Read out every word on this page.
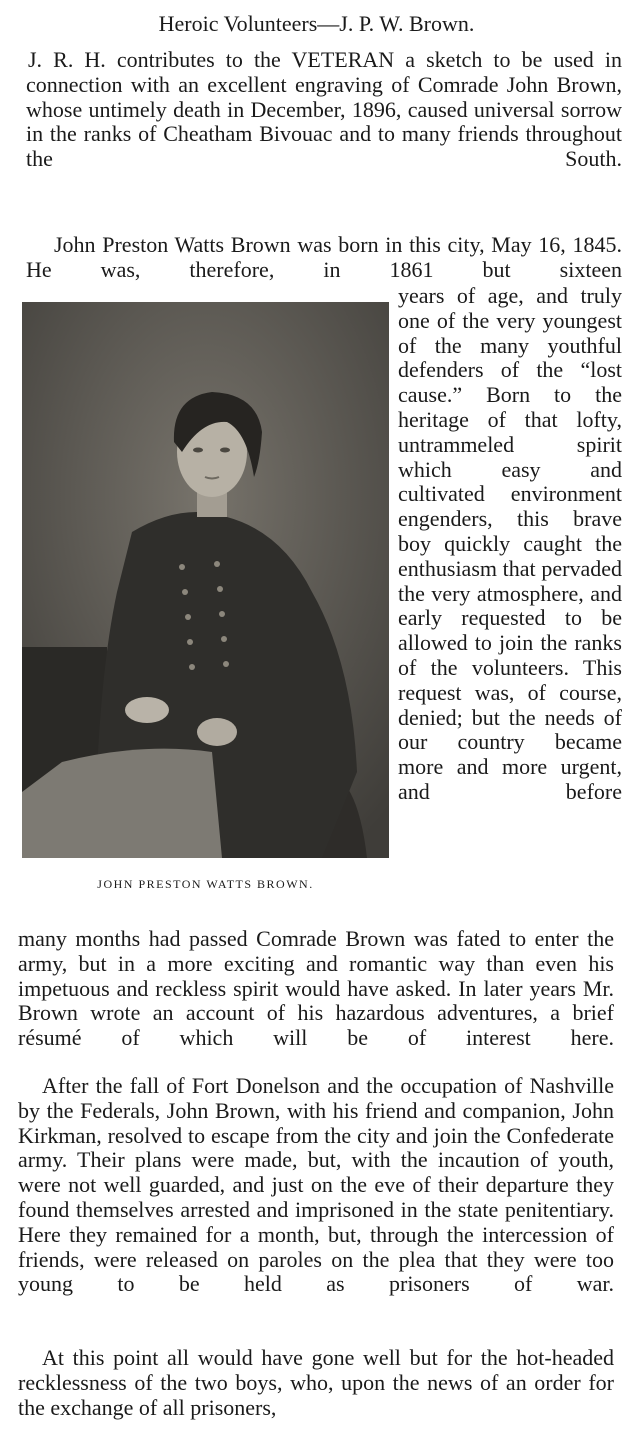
Heroic Volunteers—J. P. W. Brown.

J. R. H. contributes to the VETERAN a sketch to be used in connection with an excellent engraving of Comrade John Brown, whose untimely death in December, 1896, caused universal sorrow in the ranks of Cheatham Bivouac and to many friends throughout the South.

John Preston Watts Brown was born in this city, May 16, 1845. He was, therefore, in 1861 but sixteen

years of age, and truly one of the very youngest of the many youthful defenders of the “lost cause.” Born to the heritage of that lofty, untrammeled spirit which easy and cultivated environment engenders, this brave boy quickly caught the enthusiasm that pervaded the very atmosphere, and early requested to be allowed to join the ranks of the volunteers. This request was, of course, denied; but the needs of our country became more and more urgent, and before

JOHN PRESTON WATTS BROWN.

many months had passed Comrade Brown was fated to enter the army, but in a more exciting and romantic way than even his impetuous and reckless spirit would have asked. In later years Mr. Brown wrote an account of his hazardous adventures, a brief résumé of which will be of interest here.

After the fall of Fort Donelson and the occupation of Nashville by the Federals, John Brown, with his friend and companion, John Kirkman, resolved to escape from the city and join the Confederate army. Their plans were made, but, with the incaution of youth, were not well guarded, and just on the eve of their departure they found themselves arrested and imprisoned in the state penitentiary. Here they remained for a month, but, through the intercession of friends, were released on paroles on the plea that they were too young to be held as prisoners of war.

At this point all would have gone well but for the hot-headed recklessness of the two boys, who, upon the news of an order for the exchange of all prisoners,
